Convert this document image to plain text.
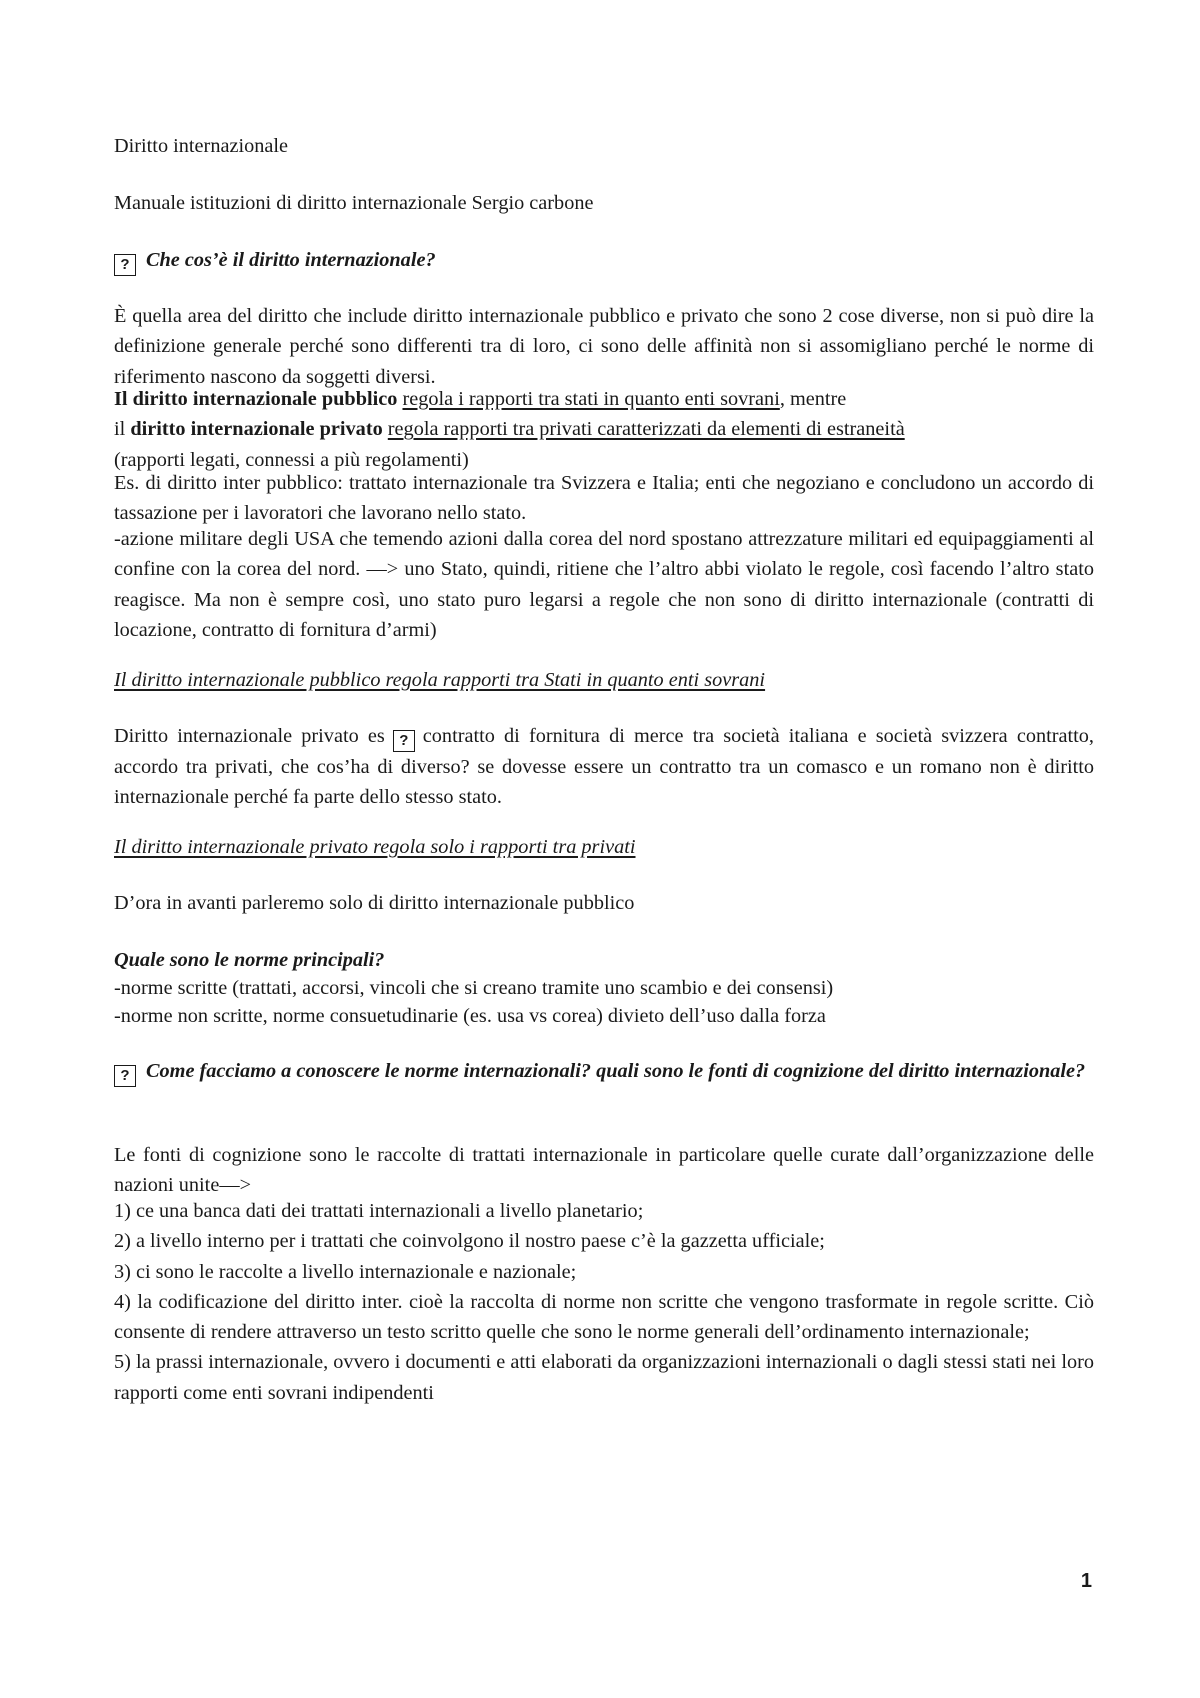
Diritto internazionale

Manuale istituzioni di diritto internazionale Sergio carbone

? Che cos’è il diritto internazionale?

È quella area del diritto che include diritto internazionale pubblico e privato che sono 2 cose diverse, non si può dire la definizione generale perché sono differenti tra di loro, ci sono delle affinità non si assomigliano perché le norme di riferimento nascono da soggetti diversi.

Il diritto internazionale pubblico regola i rapporti tra stati in quanto enti sovrani, mentre
il diritto internazionale privato regola rapporti tra privati caratterizzati da elementi di estraneità
(rapporti legati, connessi a più regolamenti)

Es. di diritto inter pubblico: trattato internazionale tra Svizzera e Italia; enti che negoziano e concludono un accordo di tassazione per i lavoratori che lavorano nello stato.

-azione militare degli USA che temendo azioni dalla corea del nord spostano attrezzature militari ed equipaggiamenti al confine con la corea del nord. —> uno Stato, quindi, ritiene che l’altro abbi violato le regole, così facendo l’altro stato reagisce. Ma non è sempre così, uno stato puro legarsi a regole che non sono di diritto internazionale (contratti di locazione, contratto di fornitura d’armi)

Il diritto internazionale pubblico regola rapporti tra Stati in quanto enti sovrani

Diritto internazionale privato es ? contratto di fornitura di merce tra società italiana e società svizzera contratto, accordo tra privati, che cos’ha di diverso? se dovesse essere un contratto tra un comasco e un romano non è diritto internazionale perché fa parte dello stesso stato.

Il diritto internazionale privato regola solo i rapporti tra privati

D’ora in avanti parleremo solo di diritto internazionale pubblico

Quale sono le norme principali?

-norme scritte (trattati, accorsi, vincoli che si creano tramite uno scambio e dei consensi)

-norme non scritte, norme consuetudinarie (es. usa vs corea) divieto dell’uso dalla forza

? Come facciamo a conoscere le norme internazionali? quali sono le fonti di cognizione del diritto internazionale?

Le fonti di cognizione sono le raccolte di trattati internazionale in particolare quelle curate dall’organizzazione delle nazioni unite—>

1) ce una banca dati dei trattati internazionali a livello planetario;
2) a livello interno per i trattati che coinvolgono il nostro paese c’è la gazzetta ufficiale;
3) ci sono le raccolte a livello internazionale e nazionale;
4) la codificazione del diritto inter. cioè la raccolta di norme non scritte che vengono trasformate in regole scritte. Ciò consente di rendere attraverso un testo scritto quelle che sono le norme generali dell’ordinamento internazionale;
5) la prassi internazionale, ovvero i documenti e atti elaborati da organizzazioni internazionali o dagli stessi stati nei loro rapporti come enti sovrani indipendenti
1
